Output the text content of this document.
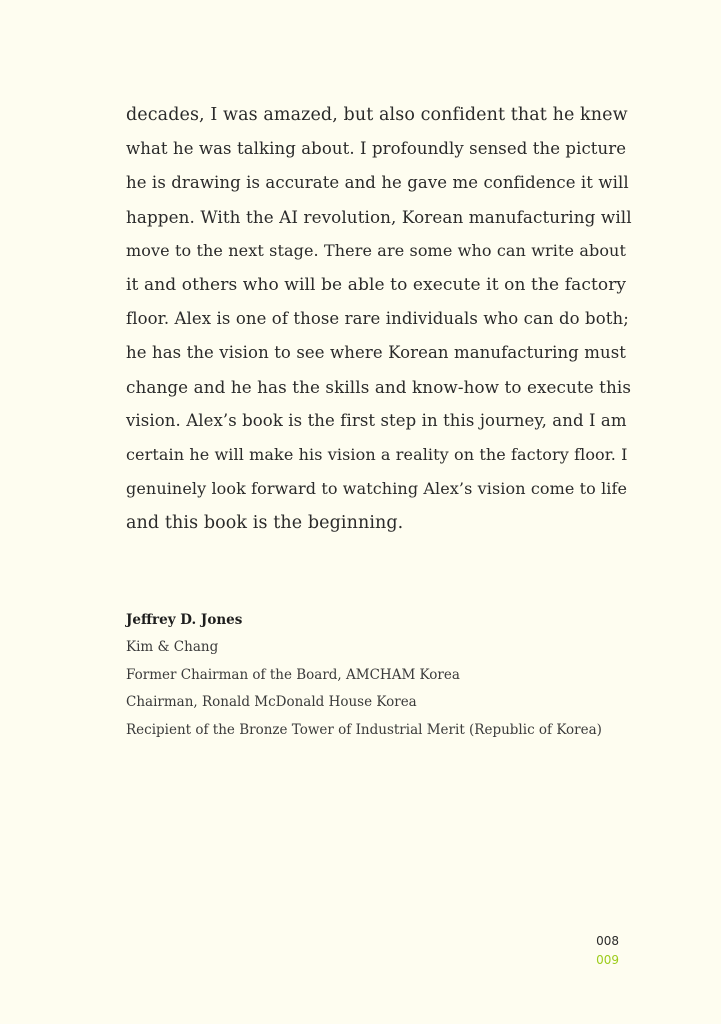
decades, I was amazed, but also confident that he knew
what he was talking about. I profoundly sensed the picture
he is drawing is accurate and he gave me confidence it will
happen. With the AI revolution, Korean manufacturing will
move to the next stage. There are some who can write about
it and others who will be able to execute it on the factory
floor. Alex is one of those rare individuals who can do both;
he has the vision to see where Korean manufacturing must
change and he has the skills and know-how to execute this
vision. Alex’s book is the first step in this journey, and I am
certain he will make his vision a reality on the factory floor. I
genuinely look forward to watching Alex’s vision come to life
and this book is the beginning.
Jeffrey D. Jones
Kim & Chang
Former Chairman of the Board, AMCHAM Korea
Chairman, Ronald McDonald House Korea
Recipient of the Bronze Tower of Industrial Merit (Republic of Korea)
008
009
